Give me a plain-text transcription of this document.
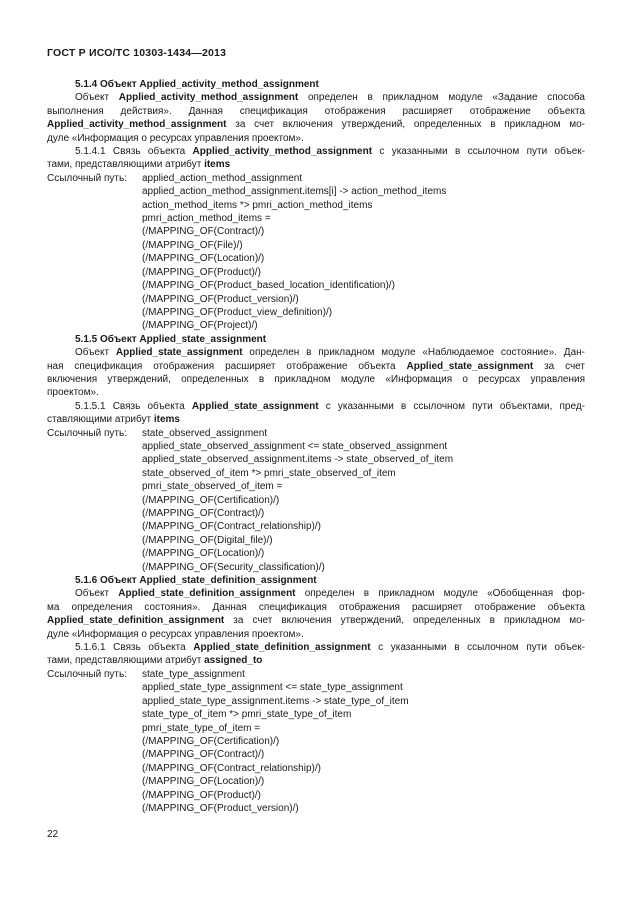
ГОСТ Р ИСО/ТС 10303-1434—2013
5.1.4 Объект Applied_activity_method_assignment
Объект Applied_activity_method_assignment определен в прикладном модуле «Задание способа
выполнения действия». Данная спецификация отображения расширяет отображение объекта
Applied_activity_method_assignment за счет включения утверждений, определенных в прикладном мо-
дуле «Информация о ресурсах управления проектом».
5.1.4.1 Связь объекта Applied_activity_method_assignment с указанными в ссылочном пути объек-
тами, представляющими атрибут items
Ссылочный путь:	applied_action_method_assignment
applied_action_method_assignment.items[i] -> action_method_items
action_method_items *> pmri_action_method_items
pmri_action_method_items =
(/MAPPING_OF(Contract)/)
(/MAPPING_OF(File)/)
(/MAPPING_OF(Location)/)
(/MAPPING_OF(Product)/)
(/MAPPING_OF(Product_based_location_identification)/)
(/MAPPING_OF(Product_version)/)
(/MAPPING_OF(Product_view_definition)/)
(/MAPPING_OF(Project)/)
5.1.5 Объект Applied_state_assignment
Объект Applied_state_assignment определен в прикладном модуле «Наблюдаемое состояние». Дан-
ная спецификация отображения расширяет отображение объекта Applied_state_assignment за счет
включения утверждений, определенных в прикладном модуле «Информация о ресурсах управления
проектом».
5.1.5.1 Связь объекта Applied_state_assignment с указанными в ссылочном пути объектами, пред-
ставляющими атрибут items
Ссылочный путь:	state_observed_assignment
applied_state_observed_assignment <= state_observed_assignment
applied_state_observed_assignment.items -> state_observed_of_item
state_observed_of_item *> pmri_state_observed_of_item
pmri_state_observed_of_item =
(/MAPPING_OF(Certification)/)
(/MAPPING_OF(Contract)/)
(/MAPPING_OF(Contract_relationship)/)
(/MAPPING_OF(Digital_file)/)
(/MAPPING_OF(Location)/)
(/MAPPING_OF(Security_classification)/)
5.1.6 Объект Applied_state_definition_assignment
Объект Applied_state_definition_assignment определен в прикладном модуле «Обобщенная фор-
ма определения состояния». Данная спецификация отображения расширяет отображение объекта
Applied_state_definition_assignment за счет включения утверждений, определенных в прикладном мо-
дуле «Информация о ресурсах управления проектом».
5.1.6.1 Связь объекта Applied_state_definition_assignment с указанными в ссылочном пути объек-
тами, представляющими атрибут assigned_to
Ссылочный путь:	state_type_assignment
applied_state_type_assignment <= state_type_assignment
applied_state_type_assignment.items -> state_type_of_item
state_type_of_item *> pmri_state_type_of_item
pmri_state_type_of_item =
(/MAPPING_OF(Certification)/)
(/MAPPING_OF(Contract)/)
(/MAPPING_OF(Contract_relationship)/)
(/MAPPING_OF(Location)/)
(/MAPPING_OF(Product)/)
(/MAPPING_OF(Product_version)/)
22
